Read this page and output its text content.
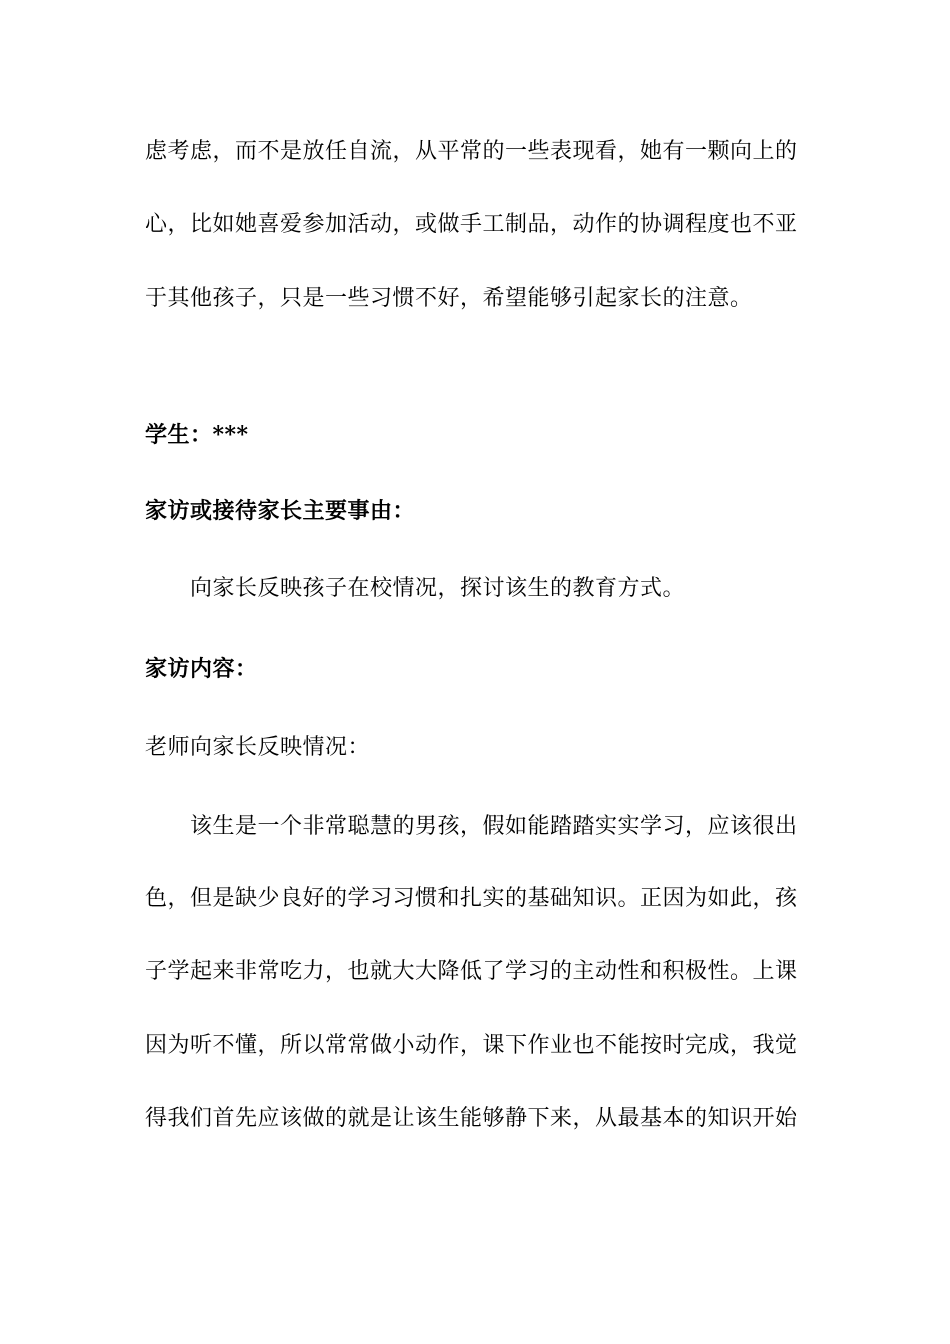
虑考虑，而不是放任自流，从平常的一些表现看，她有一颗向上的
心，比如她喜爱参加活动，或做手工制品，动作的协调程度也不亚
于其他孩子，只是一些习惯不好，希望能够引起家长的注意。
学生：***
家访或接待家长主要事由：
向家长反映孩子在校情况，探讨该生的教育方式。
家访内容：
老师向家长反映情况：
该生是一个非常聪慧的男孩，假如能踏踏实实学习，应该很出
色，但是缺少良好的学习习惯和扎实的基础知识。正因为如此，孩
子学起来非常吃力，也就大大降低了学习的主动性和积极性。上课
因为听不懂，所以常常做小动作，课下作业也不能按时完成，我觉
得我们首先应该做的就是让该生能够静下来，从最基本的知识开始
